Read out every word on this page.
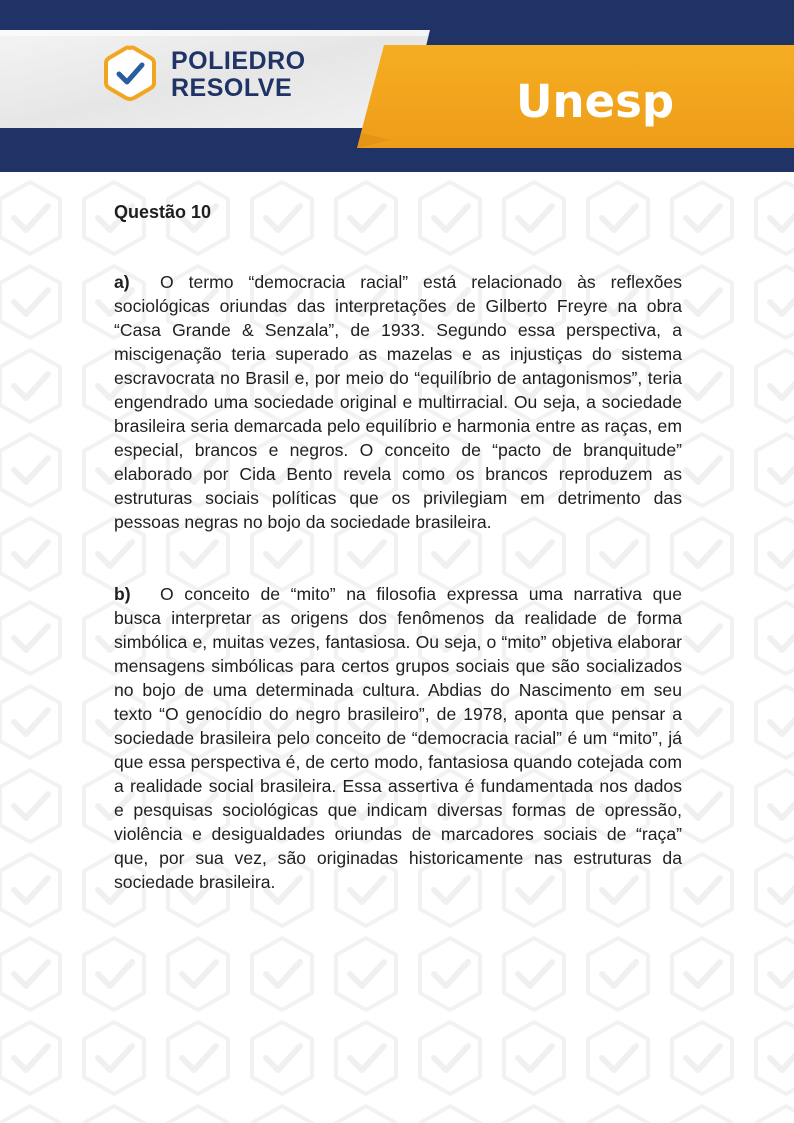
POLIEDRO
RESOLVE	Unesp
Questão 10

a) O termo “democracia racial” está relacionado às reflexões sociológicas oriundas das interpretações de Gilberto Freyre na obra “Casa Grande & Senzala”, de 1933. Segundo essa perspectiva, a miscigenação teria superado as mazelas e as injustiças do sistema escravocrata no Brasil e, por meio do “equilíbrio de antagonismos”, teria engendrado uma sociedade original e multirracial. Ou seja, a sociedade brasileira seria demarcada pelo equilíbrio e harmonia entre as raças, em especial, brancos e negros. O conceito de “pacto de branquitude” elaborado por Cida Bento revela como os brancos reproduzem as estruturas sociais políticas que os privilegiam em detrimento das pessoas negras no bojo da sociedade brasileira.

b) O conceito de “mito” na filosofia expressa uma narrativa que busca interpretar as origens dos fenômenos da realidade de forma simbólica e, muitas vezes, fantasiosa. Ou seja, o “mito” objetiva elaborar mensagens simbólicas para certos grupos sociais que são socializados no bojo de uma determinada cultura. Abdias do Nascimento em seu texto “O genocídio do negro brasileiro”, de 1978, aponta que pensar a sociedade brasileira pelo conceito de “democracia racial” é um “mito”, já que essa perspectiva é, de certo modo, fantasiosa quando cotejada com a realidade social brasileira. Essa assertiva é fundamentada nos dados e pesquisas sociológicas que indicam diversas formas de opressão, violência e desigualdades oriundas de marcadores sociais de “raça” que, por sua vez, são originadas historicamente nas estruturas da sociedade brasileira.
